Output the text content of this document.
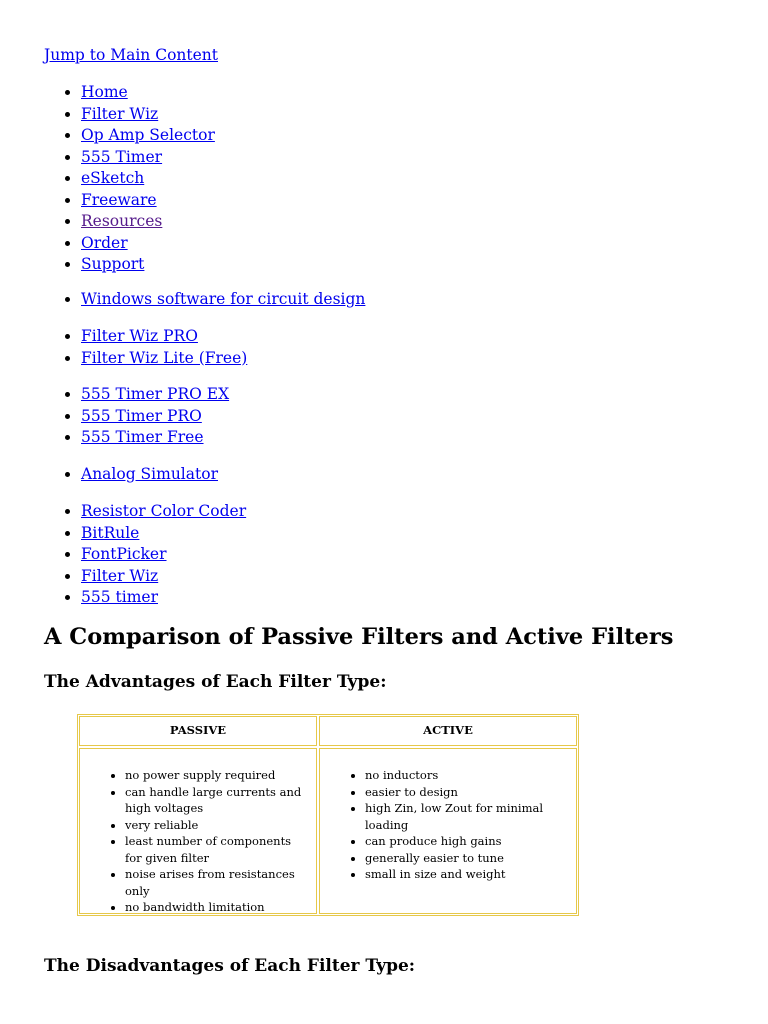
Jump to Main Content
• Home
• Filter Wiz
• Op Amp Selector
• 555 Timer
• eSketch
• Freeware
• Resources
• Order
• Support
• Windows software for circuit design
• Filter Wiz PRO
• Filter Wiz Lite (Free)
• 555 Timer PRO EX
• 555 Timer PRO
• 555 Timer Free
• Analog Simulator
• Resistor Color Coder
• BitRule
• FontPicker
• Filter Wiz
• 555 timer
A Comparison of Passive Filters and Active Filters
The Advantages of Each Filter Type:
PASSIVE	ACTIVE
• no power supply required
• can handle large currents and high voltages
• very reliable
• least number of components for given filter
• noise arises from resistances only
• no bandwidth limitation
• no inductors
• easier to design
• high Zin, low Zout for minimal loading
• can produce high gains
• generally easier to tune
• small in size and weight
The Disadvantages of Each Filter Type:
